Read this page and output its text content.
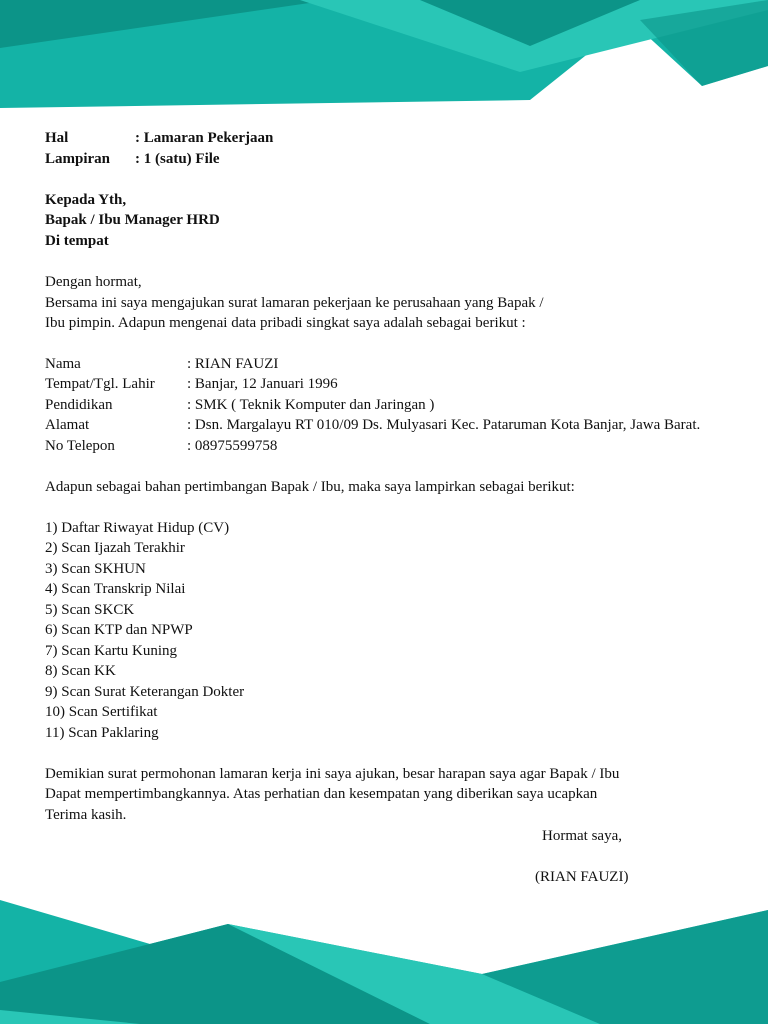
Hal	: Lamaran Pekerjaan
Lampiran : 1 (satu) File
Kepada Yth,
Bapak / Ibu Manager HRD
Di tempat
Dengan hormat,
Bersama ini saya mengajukan surat lamaran pekerjaan ke perusahaan yang Bapak /
Ibu pimpin. Adapun mengenai data pribadi singkat saya adalah sebagai berikut :
Nama	: RIAN FAUZI
Tempat/Tgl. Lahir : Banjar, 12 Januari 1996
Pendidikan	: SMK ( Teknik Komputer dan Jaringan )
Alamat	: Dsn. Margalayu RT 010/09 Ds. Mulyasari Kec. Pataruman Kota Banjar, Jawa Barat.
No Telepon	: 08975599758
Adapun sebagai bahan pertimbangan Bapak / Ibu, maka saya lampirkan sebagai berikut:
1) Daftar Riwayat Hidup (CV)
2) Scan Ijazah Terakhir
3) Scan SKHUN
4) Scan Transkrip Nilai
5) Scan SKCK
6) Scan KTP dan NPWP
7) Scan Kartu Kuning
8) Scan KK
9) Scan Surat Keterangan Dokter
10) Scan Sertifikat
11) Scan Paklaring
Demikian surat permohonan lamaran kerja ini saya ajukan, besar harapan saya agar Bapak / Ibu
Dapat mempertimbangkannya. Atas perhatian dan kesempatan yang diberikan saya ucapkan
Terima kasih.
Hormat saya,
(RIAN FAUZI)
